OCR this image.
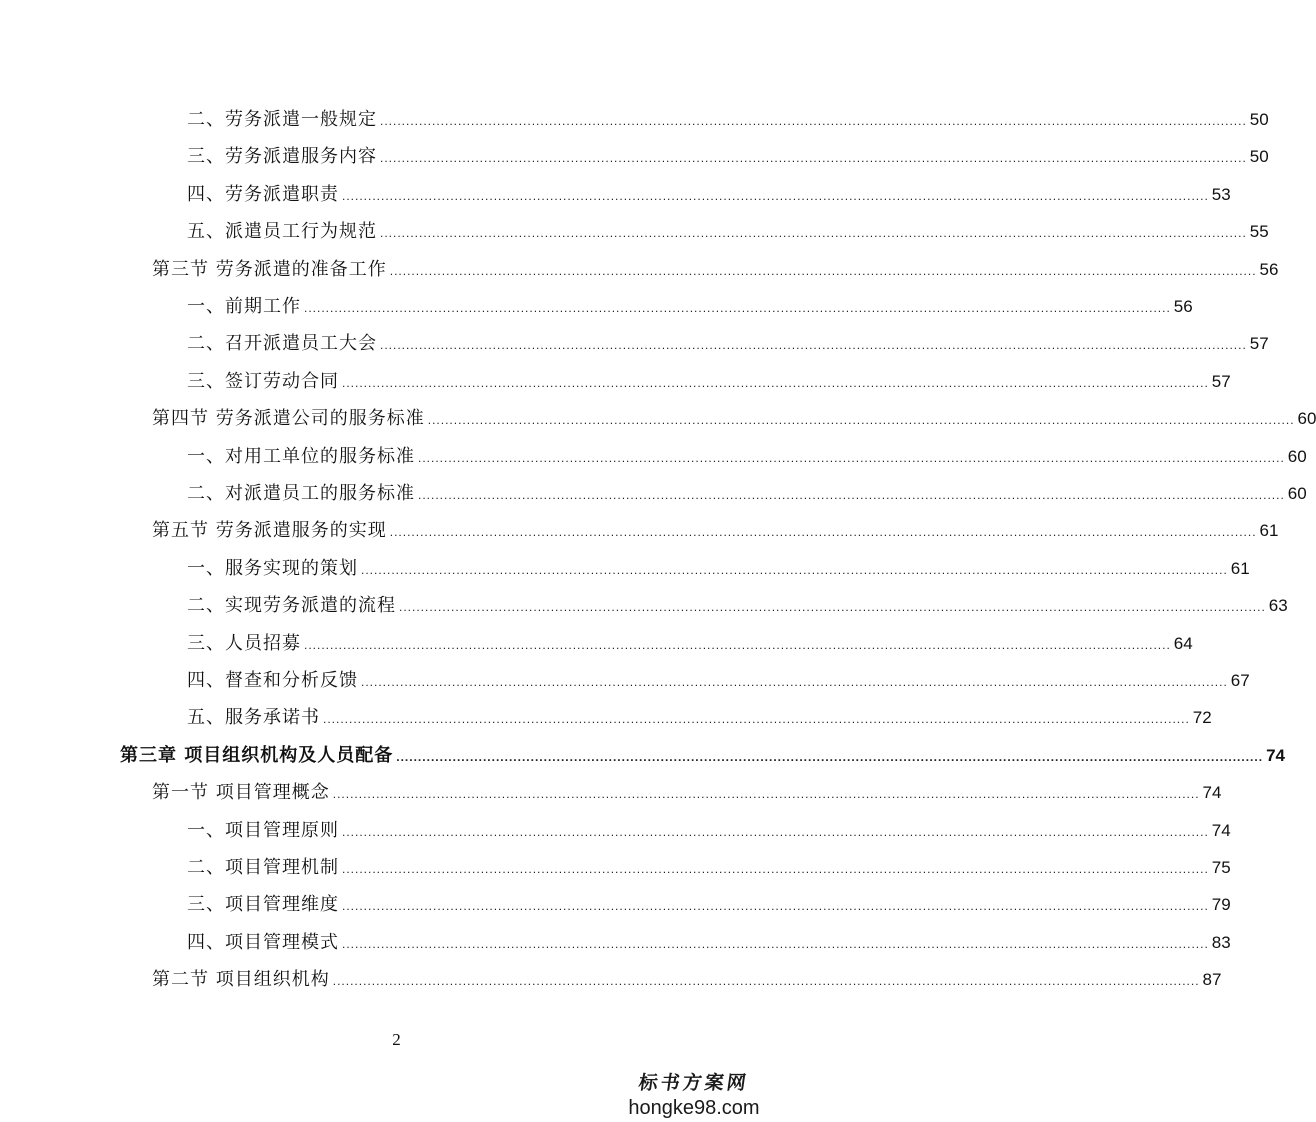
二、劳务派遣一般规定 ........................................................................................................................................................................................................ 50
三、劳务派遣服务内容 ........................................................................................................................................................................................................ 50
四、劳务派遣职责 ........................................................................................................................................................................................................ 53
五、派遣员工行为规范 ........................................................................................................................................................................................................ 55
第三节 劳务派遣的准备工作 ........................................................................................................................................................................................................ 56
一、前期工作 ........................................................................................................................................................................................................ 56
二、召开派遣员工大会 ........................................................................................................................................................................................................ 57
三、签订劳动合同 ........................................................................................................................................................................................................ 57
第四节 劳务派遣公司的服务标准 ........................................................................................................................................................................................................ 60
一、对用工单位的服务标准 ........................................................................................................................................................................................................ 60
二、对派遣员工的服务标准 ........................................................................................................................................................................................................ 60
第五节 劳务派遣服务的实现 ........................................................................................................................................................................................................ 61
一、服务实现的策划 ........................................................................................................................................................................................................ 61
二、实现劳务派遣的流程 ........................................................................................................................................................................................................ 63
三、人员招募 ........................................................................................................................................................................................................ 64
四、督查和分析反馈 ........................................................................................................................................................................................................ 67
五、服务承诺书 ........................................................................................................................................................................................................ 72
第三章 项目组织机构及人员配备 ........................................................................................................................................................................................................ 74
第一节 项目管理概念 ........................................................................................................................................................................................................ 74
一、项目管理原则 ........................................................................................................................................................................................................ 74
二、项目管理机制 ........................................................................................................................................................................................................ 75
三、项目管理维度 ........................................................................................................................................................................................................ 79
四、项目管理模式 ........................................................................................................................................................................................................ 83
第二节 项目组织机构 ........................................................................................................................................................................................................ 87
2
标书方案网
hongke98.com
